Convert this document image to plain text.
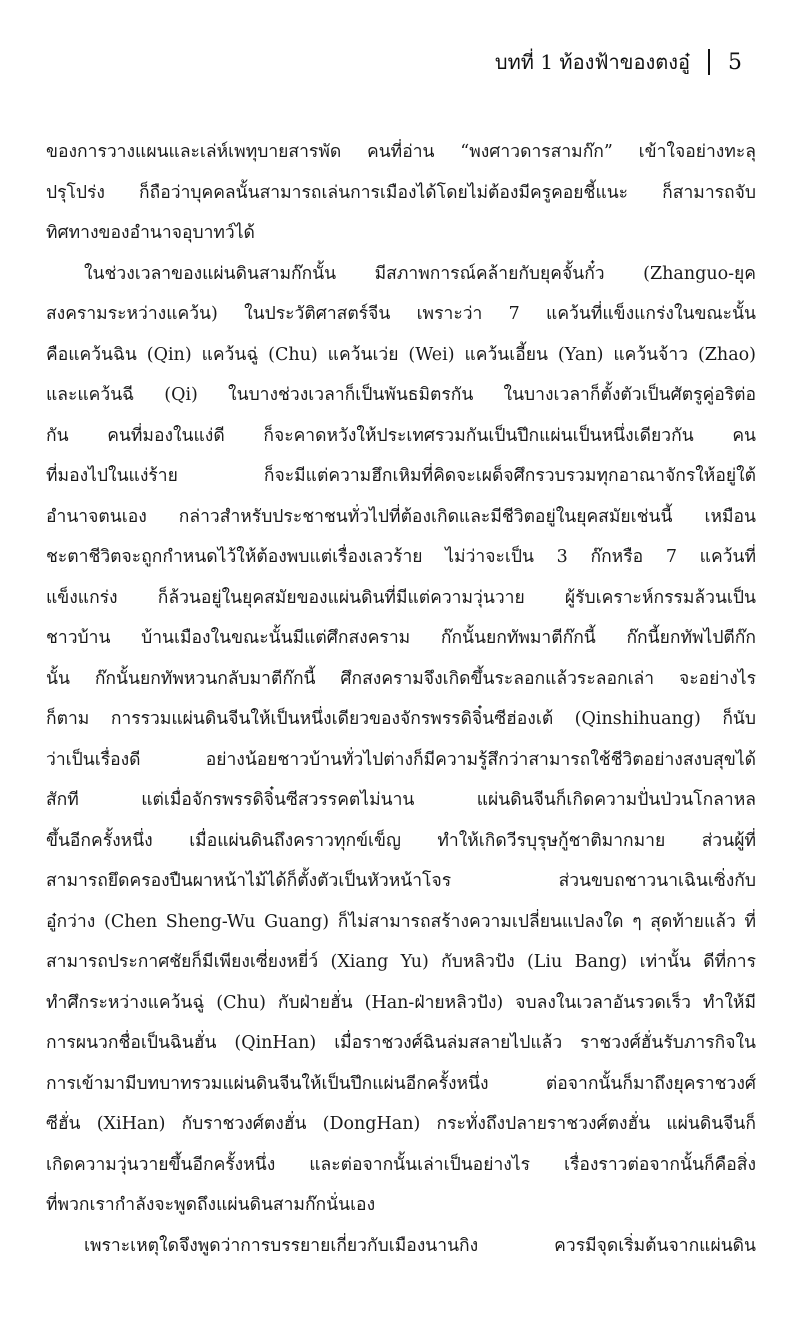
บทที่ 1 ท้องฟ้าของตงอู๋ 5
ของการวางแผนและเล่ห์เพทุบายสารพัด คนที่อ่าน “พงศาวดารสามก๊ก” เข้าใจอย่างทะลุ
ปรุโปร่ง ก็ถือว่าบุคคลนั้นสามารถเล่นการเมืองได้โดยไม่ต้องมีครูคอยชี้แนะ ก็สามารถจับ
ทิศทางของอำนาจอุบาทว์ได้
ในช่วงเวลาของแผ่นดินสามก๊กนั้น มีสภาพการณ์คล้ายกับยุคจั้นกั๋ว (Zhanguo-ยุค
สงครามระหว่างแคว้น) ในประวัติศาสตร์จีน เพราะว่า 7 แคว้นที่แข็งแกร่งในขณะนั้น
คือแคว้นฉิน (Qin) แคว้นฉู่ (Chu) แคว้นเว่ย (Wei) แคว้นเอี้ยน (Yan) แคว้นจ้าว (Zhao)
และแคว้นฉี (Qi) ในบางช่วงเวลาก็เป็นพันธมิตรกัน ในบางเวลาก็ตั้งตัวเป็นศัตรูคู่อริต่อ
กัน คนที่มองในแง่ดี ก็จะคาดหวังให้ประเทศรวมกันเป็นปึกแผ่นเป็นหนึ่งเดียวกัน คน
ที่มองไปในแง่ร้าย ก็จะมีแต่ความฮึกเหิมที่คิดจะเผด็จศึกรวบรวมทุกอาณาจักรให้อยู่ใต้
อำนาจตนเอง กล่าวสำหรับประชาชนทั่วไปที่ต้องเกิดและมีชีวิตอยู่ในยุคสมัยเช่นนี้ เหมือน
ชะตาชีวิตจะถูกกำหนดไว้ให้ต้องพบแต่เรื่องเลวร้าย ไม่ว่าจะเป็น 3 ก๊กหรือ 7 แคว้นที่
แข็งแกร่ง ก็ล้วนอยู่ในยุคสมัยของแผ่นดินที่มีแต่ความวุ่นวาย ผู้รับเคราะห์กรรมล้วนเป็น
ชาวบ้าน บ้านเมืองในขณะนั้นมีแต่ศึกสงคราม ก๊กนั้นยกทัพมาตีก๊กนี้ ก๊กนี้ยกทัพไปตีก๊ก
นั้น ก๊กนั้นยกทัพหวนกลับมาตีก๊กนี้ ศึกสงครามจึงเกิดขึ้นระลอกแล้วระลอกเล่า จะอย่างไร
ก็ตาม การรวมแผ่นดินจีนให้เป็นหนึ่งเดียวของจักรพรรดิจิ๋นซีฮ่องเต้ (Qinshihuang) ก็นับ
ว่าเป็นเรื่องดี อย่างน้อยชาวบ้านทั่วไปต่างก็มีความรู้สึกว่าสามารถใช้ชีวิตอย่างสงบสุขได้
สักที แต่เมื่อจักรพรรดิจิ๋นซีสวรรคตไม่นาน แผ่นดินจีนก็เกิดความปั่นป่วนโกลาหล
ขึ้นอีกครั้งหนึ่ง เมื่อแผ่นดินถึงคราวทุกข์เข็ญ ทำให้เกิดวีรบุรุษกู้ชาติมากมาย ส่วนผู้ที่
สามารถยึดครองปืนผาหน้าไม้ได้ก็ตั้งตัวเป็นหัวหน้าโจร ส่วนขบถชาวนาเฉินเซิ่งกับ
อู๋กว่าง (Chen Sheng-Wu Guang) ก็ไม่สามารถสร้างความเปลี่ยนแปลงใด ๆ สุดท้ายแล้ว ที่
สามารถประกาศชัยก็มีเพียงเซี่ยงหยี่ว์ (Xiang Yu) กับหลิวปัง (Liu Bang) เท่านั้น ดีที่การ
ทำศึกระหว่างแคว้นฉู่ (Chu) กับฝ่ายฮั่น (Han-ฝ่ายหลิวปัง) จบลงในเวลาอันรวดเร็ว ทำให้มี
การผนวกชื่อเป็นฉินฮั่น (QinHan) เมื่อราชวงศ์ฉินล่มสลายไปแล้ว ราชวงศ์ฮั่นรับภารกิจใน
การเข้ามามีบทบาทรวมแผ่นดินจีนให้เป็นปึกแผ่นอีกครั้งหนึ่ง ต่อจากนั้นก็มาถึงยุคราชวงศ์
ซีฮั่น (XiHan) กับราชวงศ์ตงฮั่น (DongHan) กระทั่งถึงปลายราชวงศ์ตงฮั่น แผ่นดินจีนก็
เกิดความวุ่นวายขึ้นอีกครั้งหนึ่ง และต่อจากนั้นเล่าเป็นอย่างไร เรื่องราวต่อจากนั้นก็คือสิ่ง
ที่พวกเรากำลังจะพูดถึงแผ่นดินสามก๊กนั่นเอง
เพราะเหตุใดจึงพูดว่าการบรรยายเกี่ยวกับเมืองนานกิง ควรมีจุดเริ่มต้นจากแผ่นดิน
